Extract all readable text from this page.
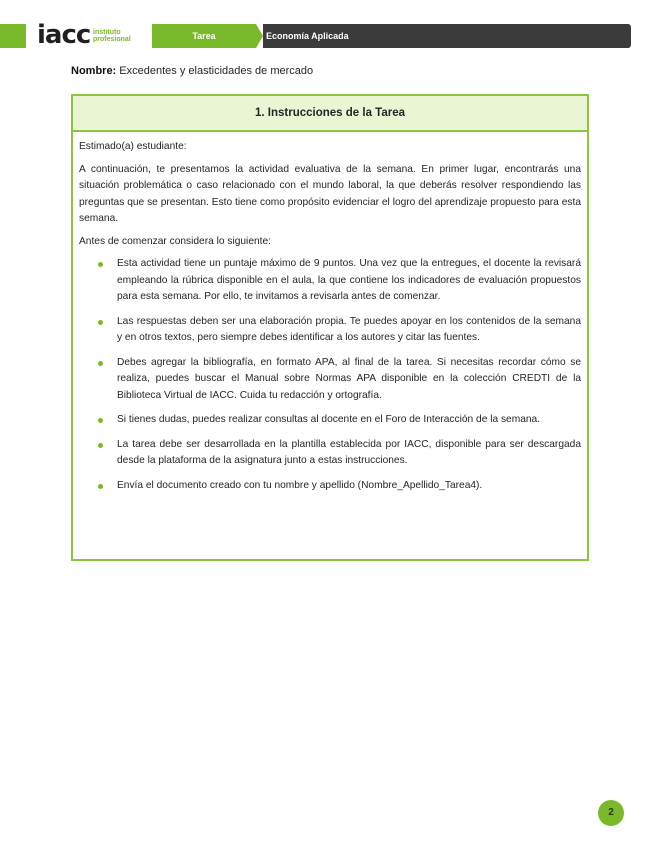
iacc instituto
profesional	Tarea	Economía Aplicada
Nombre: Excedentes y elasticidades de mercado
1. Instrucciones de la Tarea

Estimado(a) estudiante:

A continuación, te presentamos la actividad evaluativa de la semana. En primer lugar, encontrarás una situación problemática o caso relacionado con el mundo laboral, la que deberás resolver respondiendo las preguntas que se presentan. Esto tiene como propósito evidenciar el logro del aprendizaje propuesto para esta semana.

Antes de comenzar considera lo siguiente:

Esta actividad tiene un puntaje máximo de 9 puntos. Una vez que la entregues, el docente la revisará empleando la rúbrica disponible en el aula, la que contiene los indicadores de evaluación propuestos para esta semana. Por ello, te invitamos a revisarla antes de comenzar.
Las respuestas deben ser una elaboración propia. Te puedes apoyar en los contenidos de la semana y en otros textos, pero siempre debes identificar a los autores y citar las fuentes.
Debes agregar la bibliografía, en formato APA, al final de la tarea. Si necesitas recordar cómo se realiza, puedes buscar el Manual sobre Normas APA disponible en la colección CREDTI de la Biblioteca Virtual de IACC. Cuida tu redacción y ortografía.
Si tienes dudas, puedes realizar consultas al docente en el Foro de Interacción de la semana.
La tarea debe ser desarrollada en la plantilla establecida por IACC, disponible para ser descargada desde la plataforma de la asignatura junto a estas instrucciones.
Envía el documento creado con tu nombre y apellido (Nombre_Apellido_Tarea4).
2
